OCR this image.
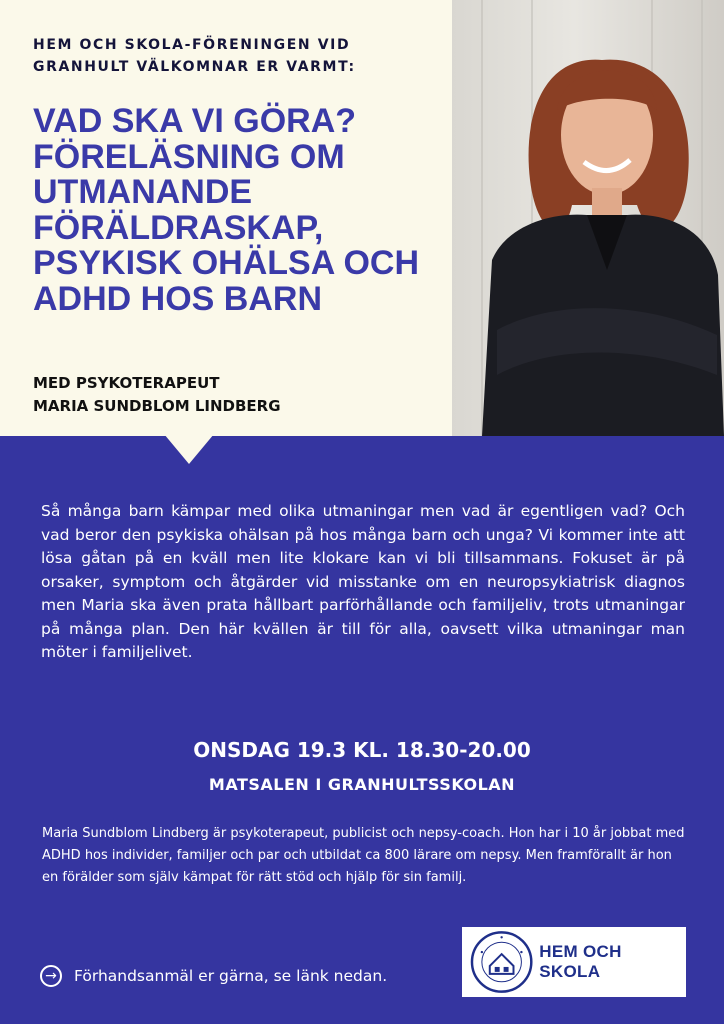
HEM OCH SKOLA-FÖRENINGEN VID
GRANHULT VÄLKOMNAR ER VARMT:
VAD SKA VI GÖRA?
FÖRELÄSNING OM
UTMANANDE
FÖRÄLDRASKAP,
PSYKISK OHÄLSA OCH
ADHD HOS BARN
MED PSYKOTERAPEUT
MARIA SUNDBLOM LINDBERG
Så många barn kämpar med olika utmaningar men vad är egentligen vad? Och vad beror den psykiska ohälsan på hos många barn och unga? Vi kommer inte att lösa gåtan på en kväll men lite klokare kan vi bli tillsammans. Fokuset är på orsaker, symptom och åtgärder vid misstanke om en neuropsykiatrisk diagnos men Maria ska även prata hållbart parförhållande och familjeliv, trots utmaningar på många plan. Den här kvällen är till för alla, oavsett vilka utmaningar man möter i familjelivet.
ONSDAG 19.3 KL. 18.30-20.00
MATSALEN I GRANHULTSSKOLAN
Maria Sundblom Lindberg är psykoterapeut, publicist och nepsy-coach. Hon har i 10 år jobbat med ADHD hos individer, familjer och par och utbildat ca 800 lärare om nepsy. Men framförallt är hon en förälder som själv kämpat för rätt stöd och hjälp för sin familj.
→	Förhandsanmäl er gärna, se länk nedan.
HEM OCH SKOLA
